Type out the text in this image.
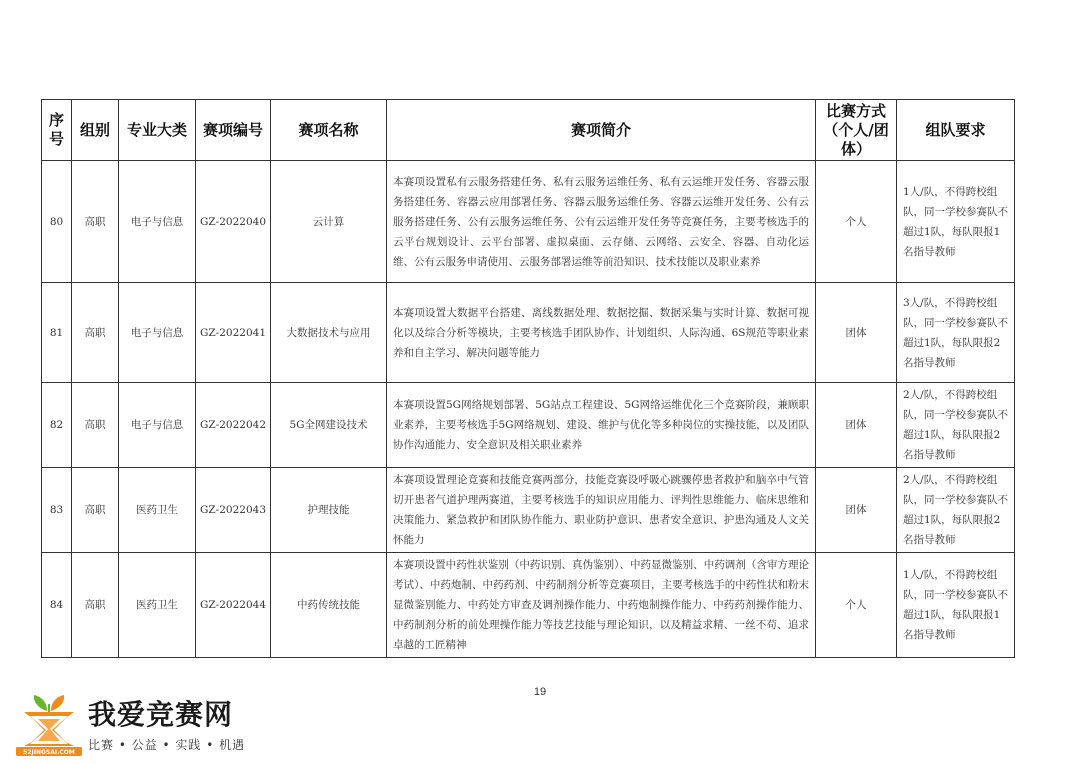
序号	组别	专业大类	赛项编号	赛项名称	赛项简介	比赛方式（个人/团体）	组队要求
80	高职	电子与信息	GZ-2022040	云计算	本赛项设置私有云服务搭建任务、私有云服务运维任务、私有云运维开发任务、容器云服务搭建任务、容器云应用部署任务、容器云服务运维任务、容器云运维开发任务、公有云服务搭建任务、公有云服务运维任务、公有云运维开发任务等竞赛任务，主要考核选手的云平台规划设计、云平台部署、虚拟桌面、云存储、云网络、云安全、容器、自动化运维、公有云服务申请使用、云服务部署运维等前沿知识、技术技能以及职业素养	个人	1人/队，不得跨校组队，同一学校参赛队不超过1队，每队限报1名指导教师
81	高职	电子与信息	GZ-2022041	大数据技术与应用	本赛项设置大数据平台搭建、离线数据处理、数据挖掘、数据采集与实时计算、数据可视化以及综合分析等模块，主要考核选手团队协作、计划组织、人际沟通、6S规范等职业素养和自主学习、解决问题等能力	团体	3人/队，不得跨校组队，同一学校参赛队不超过1队，每队限报2名指导教师
82	高职	电子与信息	GZ-2022042	5G全网建设技术	本赛项设置5G网络规划部署、5G站点工程建设、5G网络运维优化三个竞赛阶段，兼顾职业素养，主要考核选手5G网络规划、建设、维护与优化等多种岗位的实操技能，以及团队协作沟通能力、安全意识及相关职业素养	团体	2人/队，不得跨校组队，同一学校参赛队不超过1队，每队限报2名指导教师
83	高职	医药卫生	GZ-2022043	护理技能	本赛项设置理论竞赛和技能竞赛两部分，技能竞赛设呼吸心跳骤停患者救护和脑卒中气管切开患者气道护理两赛道，主要考核选手的知识应用能力、评判性思维能力、临床思维和决策能力、紧急救护和团队协作能力、职业防护意识、患者安全意识、护患沟通及人文关怀能力	团体	2人/队，不得跨校组队，同一学校参赛队不超过1队，每队限报2名指导教师
84	高职	医药卫生	GZ-2022044	中药传统技能	本赛项设置中药性状鉴别（中药识别、真伪鉴别）、中药显微鉴别、中药调剂（含审方理论考试）、中药炮制、中药药剂、中药制剂分析等竞赛项目，主要考核选手的中药性状和粉末显微鉴别能力、中药处方审查及调剂操作能力、中药炮制操作能力、中药药剂操作能力、中药制剂分析的前处理操作能力等技艺技能与理论知识，以及精益求精、一丝不苟、追求卓越的工匠精神	个人	1人/队，不得跨校组队，同一学校参赛队不超过1队，每队限报1名指导教师
19
52JINGSAI.COM
我爱竞赛网
比赛 • 公益 • 实践 • 机遇
